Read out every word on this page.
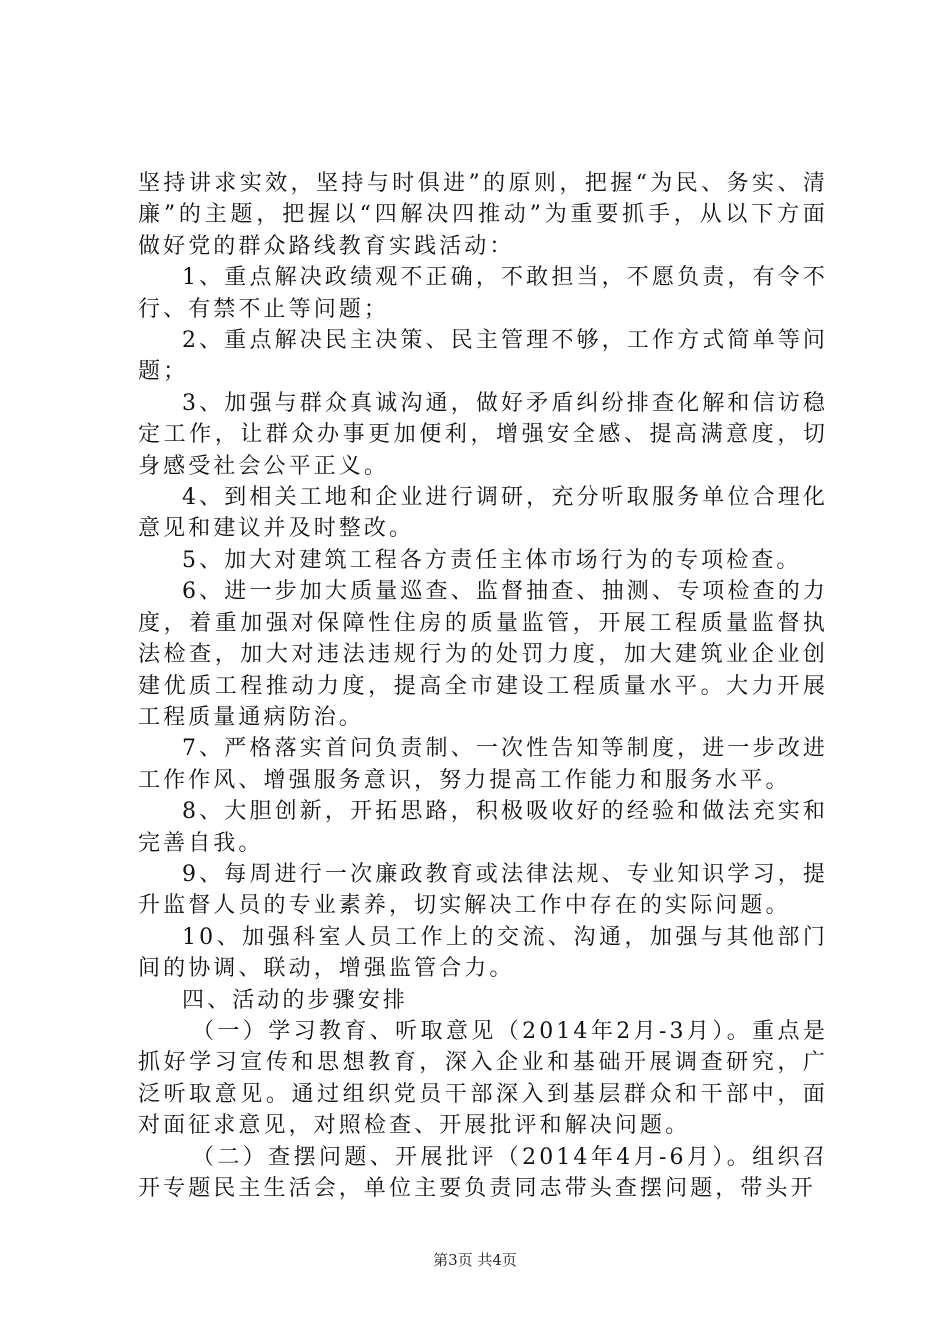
坚持讲求实效，坚持与时俱进”的原则，把握“为民、务实、清廉”的主题，把握以“四解决四推动”为重要抓手，从以下方面做好党的群众路线教育实践活动：

1、重点解决政绩观不正确，不敢担当，不愿负责，有令不行、有禁不止等问题；

2、重点解决民主决策、民主管理不够，工作方式简单等问题；

3、加强与群众真诚沟通，做好矛盾纠纷排查化解和信访稳定工作，让群众办事更加便利，增强安全感、提高满意度，切身感受社会公平正义。

4、到相关工地和企业进行调研，充分听取服务单位合理化意见和建议并及时整改。

5、加大对建筑工程各方责任主体市场行为的专项检查。

6、进一步加大质量巡查、监督抽查、抽测、专项检查的力度，着重加强对保障性住房的质量监管，开展工程质量监督执法检查，加大对违法违规行为的处罚力度，加大建筑业企业创建优质工程推动力度，提高全市建设工程质量水平。大力开展工程质量通病防治。

7、严格落实首问负责制、一次性告知等制度，进一步改进工作作风、增强服务意识，努力提高工作能力和服务水平。

8、大胆创新，开拓思路，积极吸收好的经验和做法充实和完善自我。

9、每周进行一次廉政教育或法律法规、专业知识学习，提升监督人员的专业素养，切实解决工作中存在的实际问题。

10、加强科室人员工作上的交流、沟通，加强与其他部门间的协调、联动，增强监管合力。

四、活动的步骤安排

（一）学习教育、听取意见（2014年2月-3月）。重点是抓好学习宣传和思想教育，深入企业和基础开展调查研究，广泛听取意见。通过组织党员干部深入到基层群众和干部中，面对面征求意见，对照检查、开展批评和解决问题。

（二）查摆问题、开展批评（2014年4月-6月）。组织召开专题民主生活会，单位主要负责同志带头查摆问题，带头开

第3页 共4页
